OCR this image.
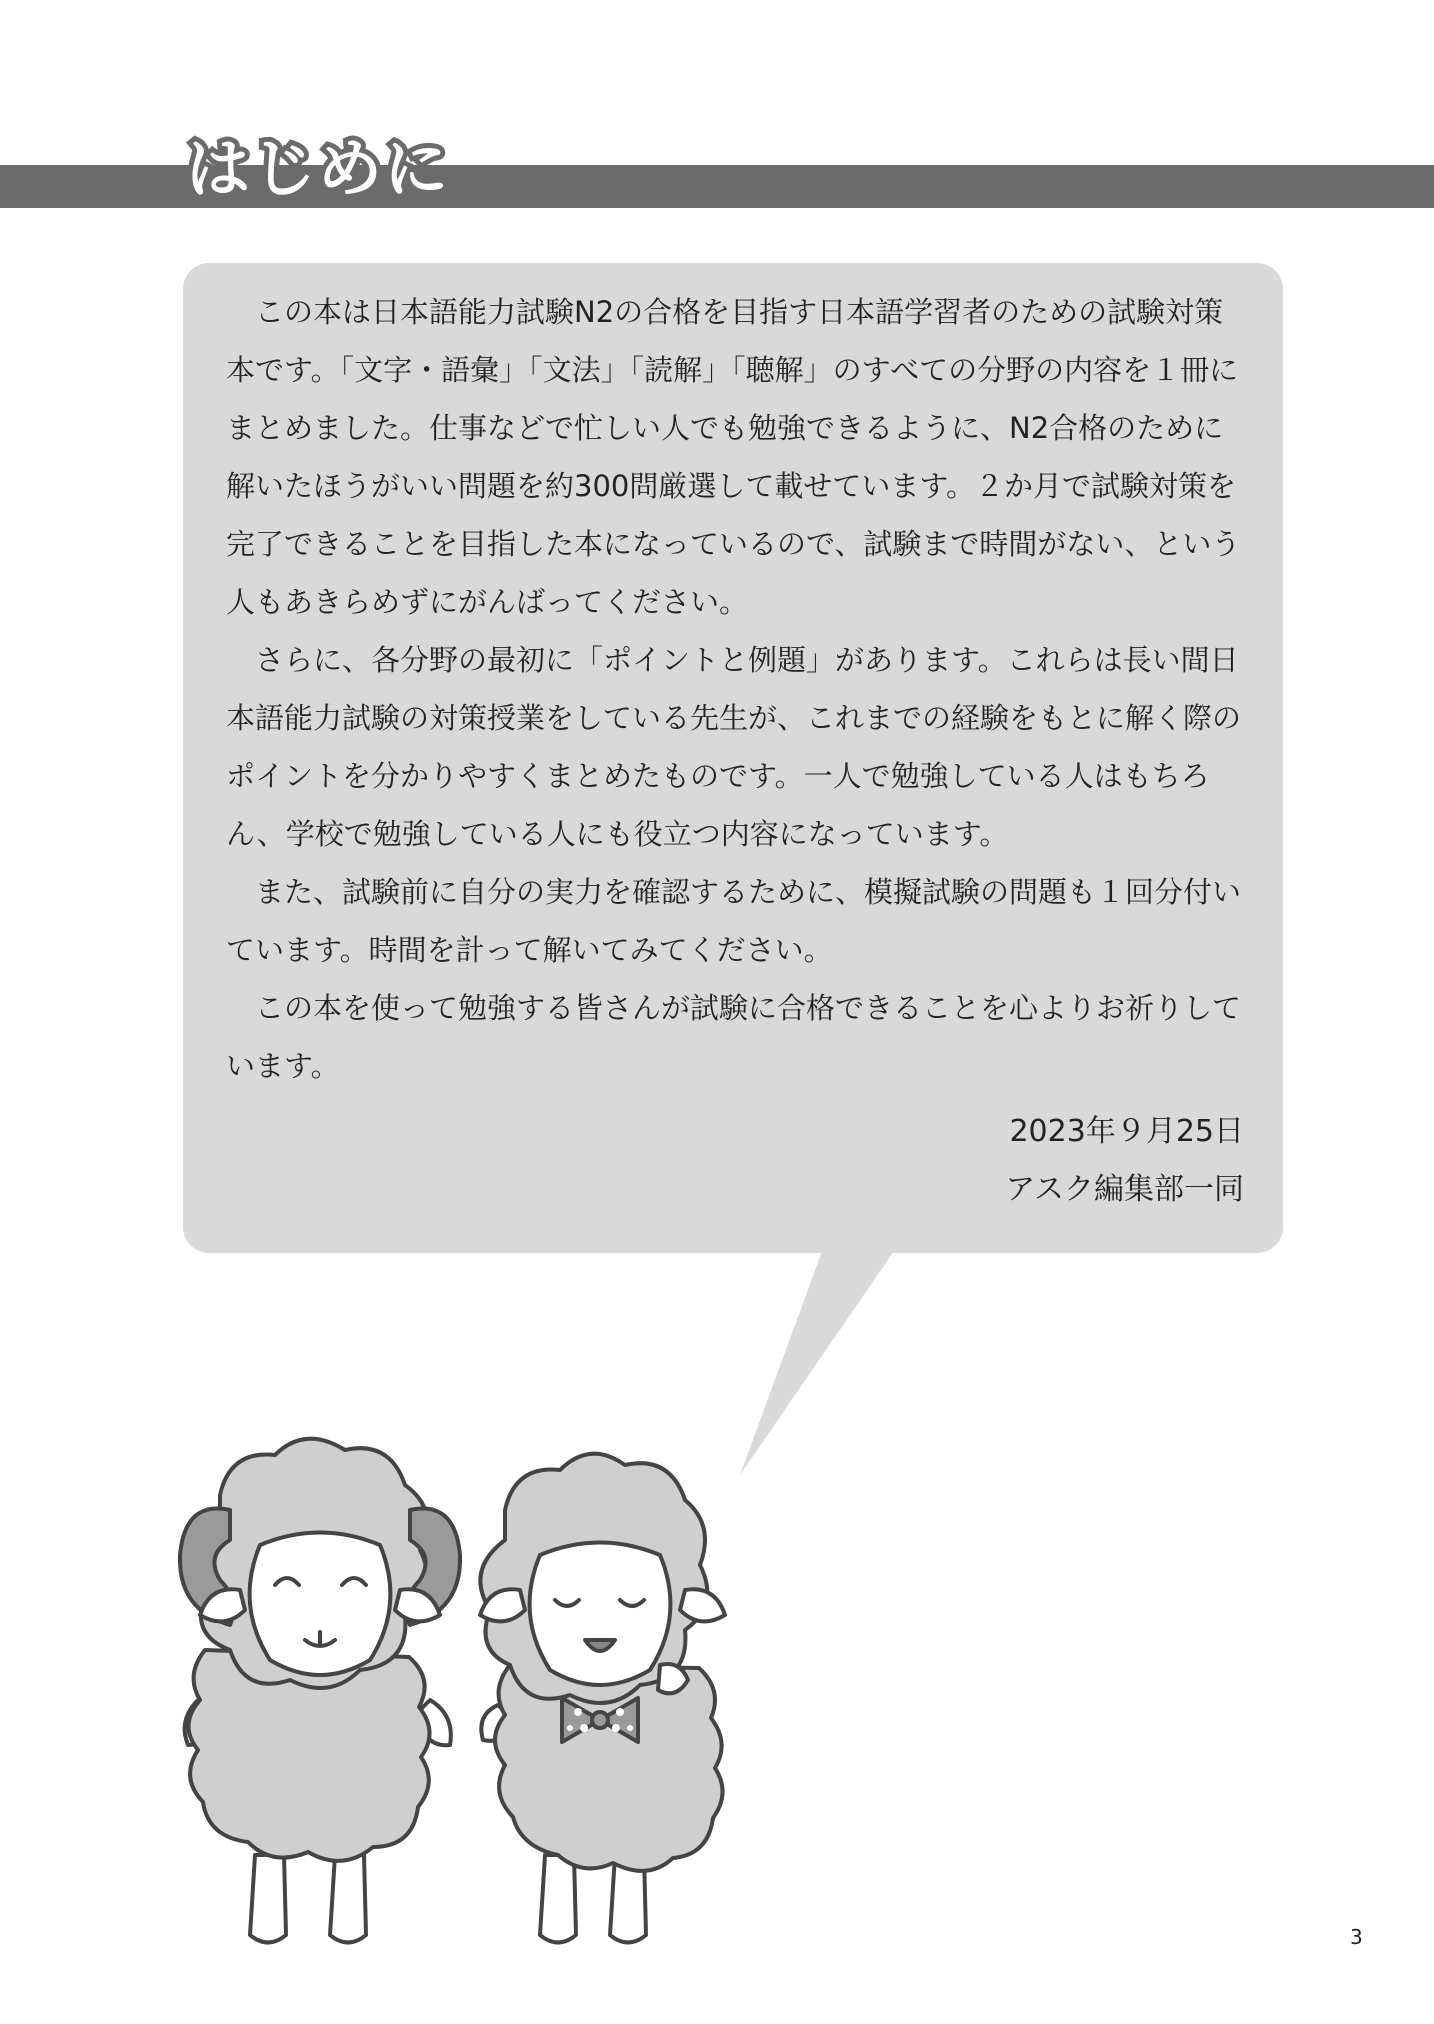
はじめに

この本は日本語能力試験N2の合格を目指す日本語学習者のための試験対策本です。「文字・語彙」「文法」「読解」「聴解」のすべての分野の内容を１冊にまとめました。仕事などで忙しい人でも勉強できるように、N2合格のために解いたほうがいい問題を約300問厳選して載せています。２か月で試験対策を完了できることを目指した本になっているので、試験まで時間がない、という人もあきらめずにがんばってください。

さらに、各分野の最初に「ポイントと例題」があります。これらは長い間日本語能力試験の対策授業をしている先生が、これまでの経験をもとに解く際のポイントを分かりやすくまとめたものです。一人で勉強している人はもちろん、学校で勉強している人にも役立つ内容になっています。

また、試験前に自分の実力を確認するために、模擬試験の問題も１回分付いています。時間を計って解いてみてください。

この本を使って勉強する皆さんが試験に合格できることを心よりお祈りしています。

2023年９月25日
アスク編集部一同
3
